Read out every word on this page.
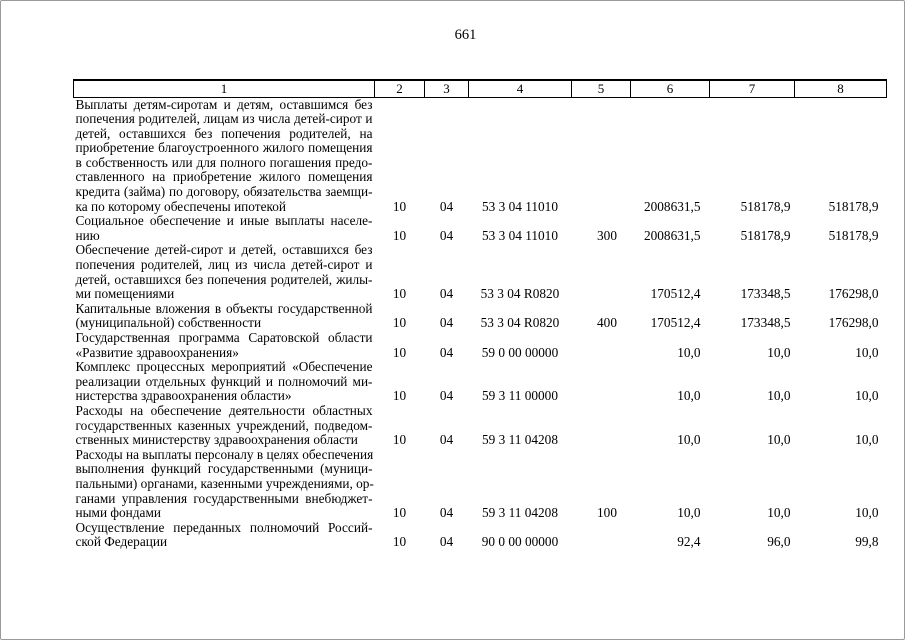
661
1	2	3	4	5	6	7	8

Выплаты детям-сиротам и детям, оставшимся без
попечения родителей, лицам из числа детей-сирот и
детей, оставшихся без попечения родителей, на
приобретение благоустроенного жилого помещения
в собственность или для полного погашения предо-
ставленного на приобретение жилого помещения
кредита (займа) по договору, обязательства заемщи-
ка по которому обеспечены ипотекой	10	04	53 3 04 11010		2008631,5	518178,9	518178,9

Социальное обеспечение и иные выплаты населе-
нию	10	04	53 3 04 11010	300	2008631,5	518178,9	518178,9

Обеспечение детей-сирот и детей, оставшихся без
попечения родителей, лиц из числа детей-сирот и
детей, оставшихся без попечения родителей, жилы-
ми помещениями	10	04	53 3 04 R0820		170512,4	173348,5	176298,0

Капитальные вложения в объекты государственной
(муниципальной) собственности	10	04	53 3 04 R0820	400	170512,4	173348,5	176298,0

Государственная программа Саратовской области
«Развитие здравоохранения»	10	04	59 0 00 00000		10,0	10,0	10,0

Комплекс процессных мероприятий «Обеспечение
реализации отдельных функций и полномочий ми-
нистерства здравоохранения области»	10	04	59 3 11 00000		10,0	10,0	10,0

Расходы на обеспечение деятельности областных
государственных казенных учреждений, подведом-
ственных министерству здравоохранения области	10	04	59 3 11 04208		10,0	10,0	10,0

Расходы на выплаты персоналу в целях обеспечения
выполнения функций государственными (муници-
пальными) органами, казенными учреждениями, ор-
ганами управления государственными внебюджет-
ными фондами	10	04	59 3 11 04208	100	10,0	10,0	10,0

Осуществление переданных полномочий Россий-
ской Федерации	10	04	90 0 00 00000		92,4	96,0	99,8
